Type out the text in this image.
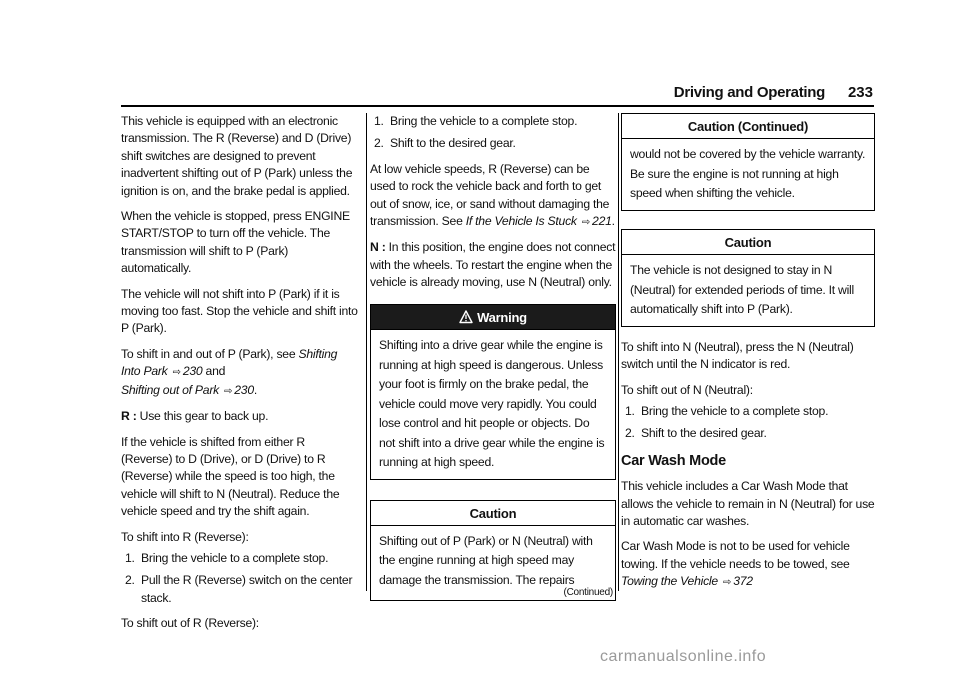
Driving and Operating 233

This vehicle is equipped with an electronic transmission. The R (Reverse) and D (Drive) shift switches are designed to prevent inadvertent shifting out of P (Park) unless the ignition is on, and the brake pedal is applied.

When the vehicle is stopped, press ENGINE START/STOP to turn off the vehicle. The transmission will shift to P (Park) automatically.

The vehicle will not shift into P (Park) if it is moving too fast. Stop the vehicle and shift into P (Park).

To shift in and out of P (Park), see Shifting Into Park ⇨ 230 and
Shifting out of Park ⇨ 230.

R : Use this gear to back up.

If the vehicle is shifted from either R (Reverse) to D (Drive), or D (Drive) to R (Reverse) while the speed is too high, the vehicle will shift to N (Neutral). Reduce the vehicle speed and try the shift again.

To shift into R (Reverse):

1. Bring the vehicle to a complete stop.
2. Pull the R (Reverse) switch on the center stack.

To shift out of R (Reverse):

1. Bring the vehicle to a complete stop.
2. Shift to the desired gear.

At low vehicle speeds, R (Reverse) can be used to rock the vehicle back and forth to get out of snow, ice, or sand without damaging the transmission. See If the Vehicle Is Stuck ⇨ 221.

N : In this position, the engine does not connect with the wheels. To restart the engine when the vehicle is already moving, use N (Neutral) only.

Warning
Shifting into a drive gear while the engine is running at high speed is dangerous. Unless your foot is firmly on the brake pedal, the vehicle could move very rapidly. You could lose control and hit people or objects. Do not shift into a drive gear while the engine is running at high speed.
Caution
Shifting out of P (Park) or N (Neutral) with the engine running at high speed may damage the transmission. The repairs
(Continued)
Caution (Continued)
would not be covered by the vehicle warranty. Be sure the engine is not running at high speed when shifting the vehicle.
Caution
The vehicle is not designed to stay in N (Neutral) for extended periods of time. It will automatically shift into P (Park).

To shift into N (Neutral), press the N (Neutral) switch until the N indicator is red.

To shift out of N (Neutral):

1. Bring the vehicle to a complete stop.
2. Shift to the desired gear.
Car Wash Mode

This vehicle includes a Car Wash Mode that allows the vehicle to remain in N (Neutral) for use in automatic car washes.

Car Wash Mode is not to be used for vehicle towing. If the vehicle needs to be towed, see Towing the Vehicle ⇨ 372

carmanualsonline.info
